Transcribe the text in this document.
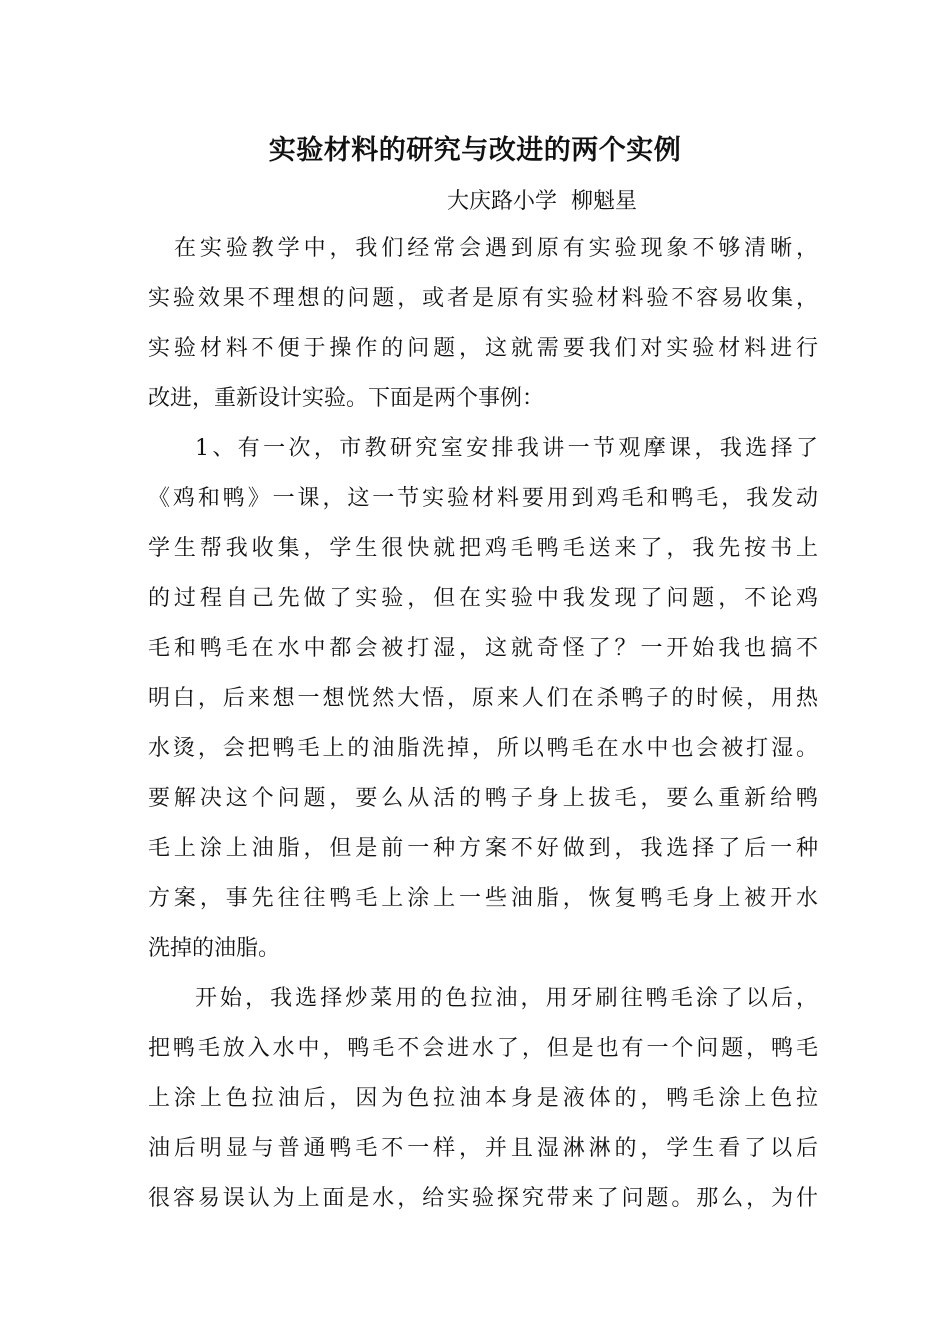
实验材料的研究与改进的两个实例
大庆路小学  柳魁星
在实验教学中，我们经常会遇到原有实验现象不够清晰，
实验效果不理想的问题，或者是原有实验材料验不容易收集，
实验材料不便于操作的问题，这就需要我们对实验材料进行
改进，重新设计实验。下面是两个事例：
1、有一次，市教研究室安排我讲一节观摩课，我选择了
《鸡和鸭》一课，这一节实验材料要用到鸡毛和鸭毛，我发动
学生帮我收集，学生很快就把鸡毛鸭毛送来了，我先按书上
的过程自己先做了实验，但在实验中我发现了问题，不论鸡
毛和鸭毛在水中都会被打湿，这就奇怪了？一开始我也搞不
明白，后来想一想恍然大悟，原来人们在杀鸭子的时候，用热
水烫，会把鸭毛上的油脂洗掉，所以鸭毛在水中也会被打湿。
要解决这个问题，要么从活的鸭子身上拔毛，要么重新给鸭
毛上涂上油脂，但是前一种方案不好做到，我选择了后一种
方案，事先往往鸭毛上涂上一些油脂，恢复鸭毛身上被开水
洗掉的油脂。
开始，我选择炒菜用的色拉油，用牙刷往鸭毛涂了以后，
把鸭毛放入水中，鸭毛不会进水了，但是也有一个问题，鸭毛
上涂上色拉油后，因为色拉油本身是液体的，鸭毛涂上色拉
油后明显与普通鸭毛不一样，并且湿淋淋的，学生看了以后
很容易误认为上面是水，给实验探究带来了问题。那么，为什
